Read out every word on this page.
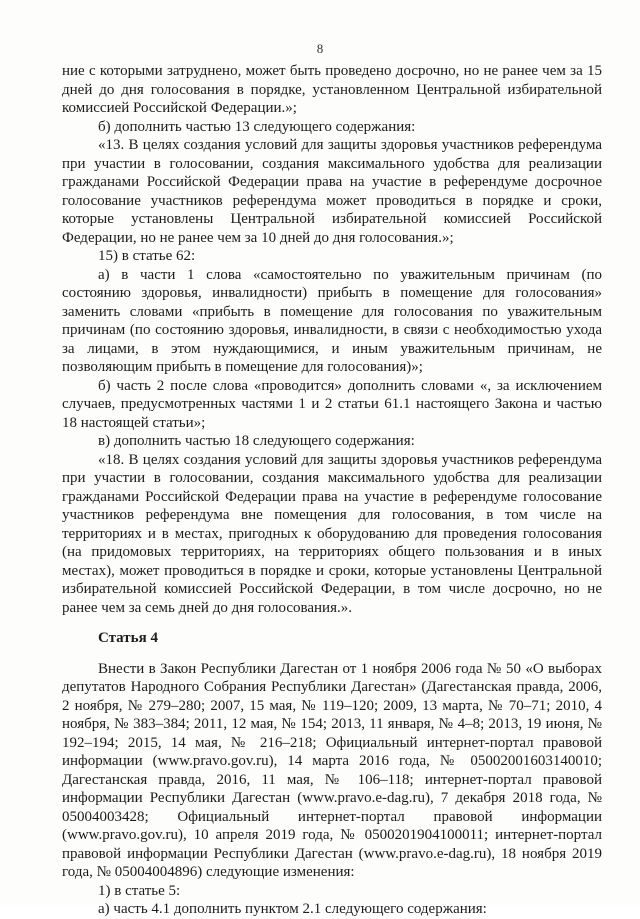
8

ние с которыми затруднено, может быть проведено досрочно, но не ранее чем за 15 дней до дня голосования в порядке, установленном Центральной избирательной комиссией Российской Федерации.»;

б) дополнить частью 13 следующего содержания:

«13. В целях создания условий для защиты здоровья участников референдума при участии в голосовании, создания максимального удобства для реализации гражданами Российской Федерации права на участие в референдуме досрочное голосование участников референдума может проводиться в порядке и сроки, которые установлены Центральной избирательной комиссией Российской Федерации, но не ранее чем за 10 дней до дня голосования.»;

15) в статье 62:

а) в части 1 слова «самостоятельно по уважительным причинам (по состоянию здоровья, инвалидности) прибыть в помещение для голосования» заменить словами «прибыть в помещение для голосования по уважительным причинам (по состоянию здоровья, инвалидности, в связи с необходимостью ухода за лицами, в этом нуждающимися, и иным уважительным причинам, не позволяющим прибыть в помещение для голосования)»;

б) часть 2 после слова «проводится» дополнить словами «, за исключением случаев, предусмотренных частями 1 и 2 статьи 61.1 настоящего Закона и частью 18 настоящей статьи»;

в) дополнить частью 18 следующего содержания:

«18. В целях создания условий для защиты здоровья участников референдума при участии в голосовании, создания максимального удобства для реализации гражданами Российской Федерации права на участие в референдуме голосование участников референдума вне помещения для голосования, в том числе на территориях и в местах, пригодных к оборудованию для проведения голосования (на придомовых территориях, на территориях общего пользования и в иных местах), может проводиться в порядке и сроки, которые установлены Центральной избирательной комиссией Российской Федерации, в том числе досрочно, но не ранее чем за семь дней до дня голосования.».

Статья 4

Внести в Закон Республики Дагестан от 1 ноября 2006 года № 50 «О выборах депутатов Народного Собрания Республики Дагестан» (Дагестанская правда, 2006, 2 ноября, № 279–280; 2007, 15 мая, № 119–120; 2009, 13 марта, № 70–71; 2010, 4 ноября, № 383–384; 2011, 12 мая, № 154; 2013, 11 января, № 4–8; 2013, 19 июня, № 192–194; 2015, 14 мая, № 216–218; Официальный интернет-портал правовой информации (www.pravo.gov.ru), 14 марта 2016 года, № 05002001603140010; Дагестанская правда, 2016, 11 мая, № 106–118; интернет-портал правовой информации Республики Дагестан (www.pravo.e-dag.ru), 7 декабря 2018 года, № 05004003428; Официальный интернет-портал правовой информации (www.pravo.gov.ru), 10 апреля 2019 года, № 0500201904100011; интернет-портал правовой информации Республики Дагестан (www.pravo.e-dag.ru), 18 ноября 2019 года, № 05004004896) следующие изменения:

1) в статье 5:

а) часть 4.1 дополнить пунктом 2.1 следующего содержания:
